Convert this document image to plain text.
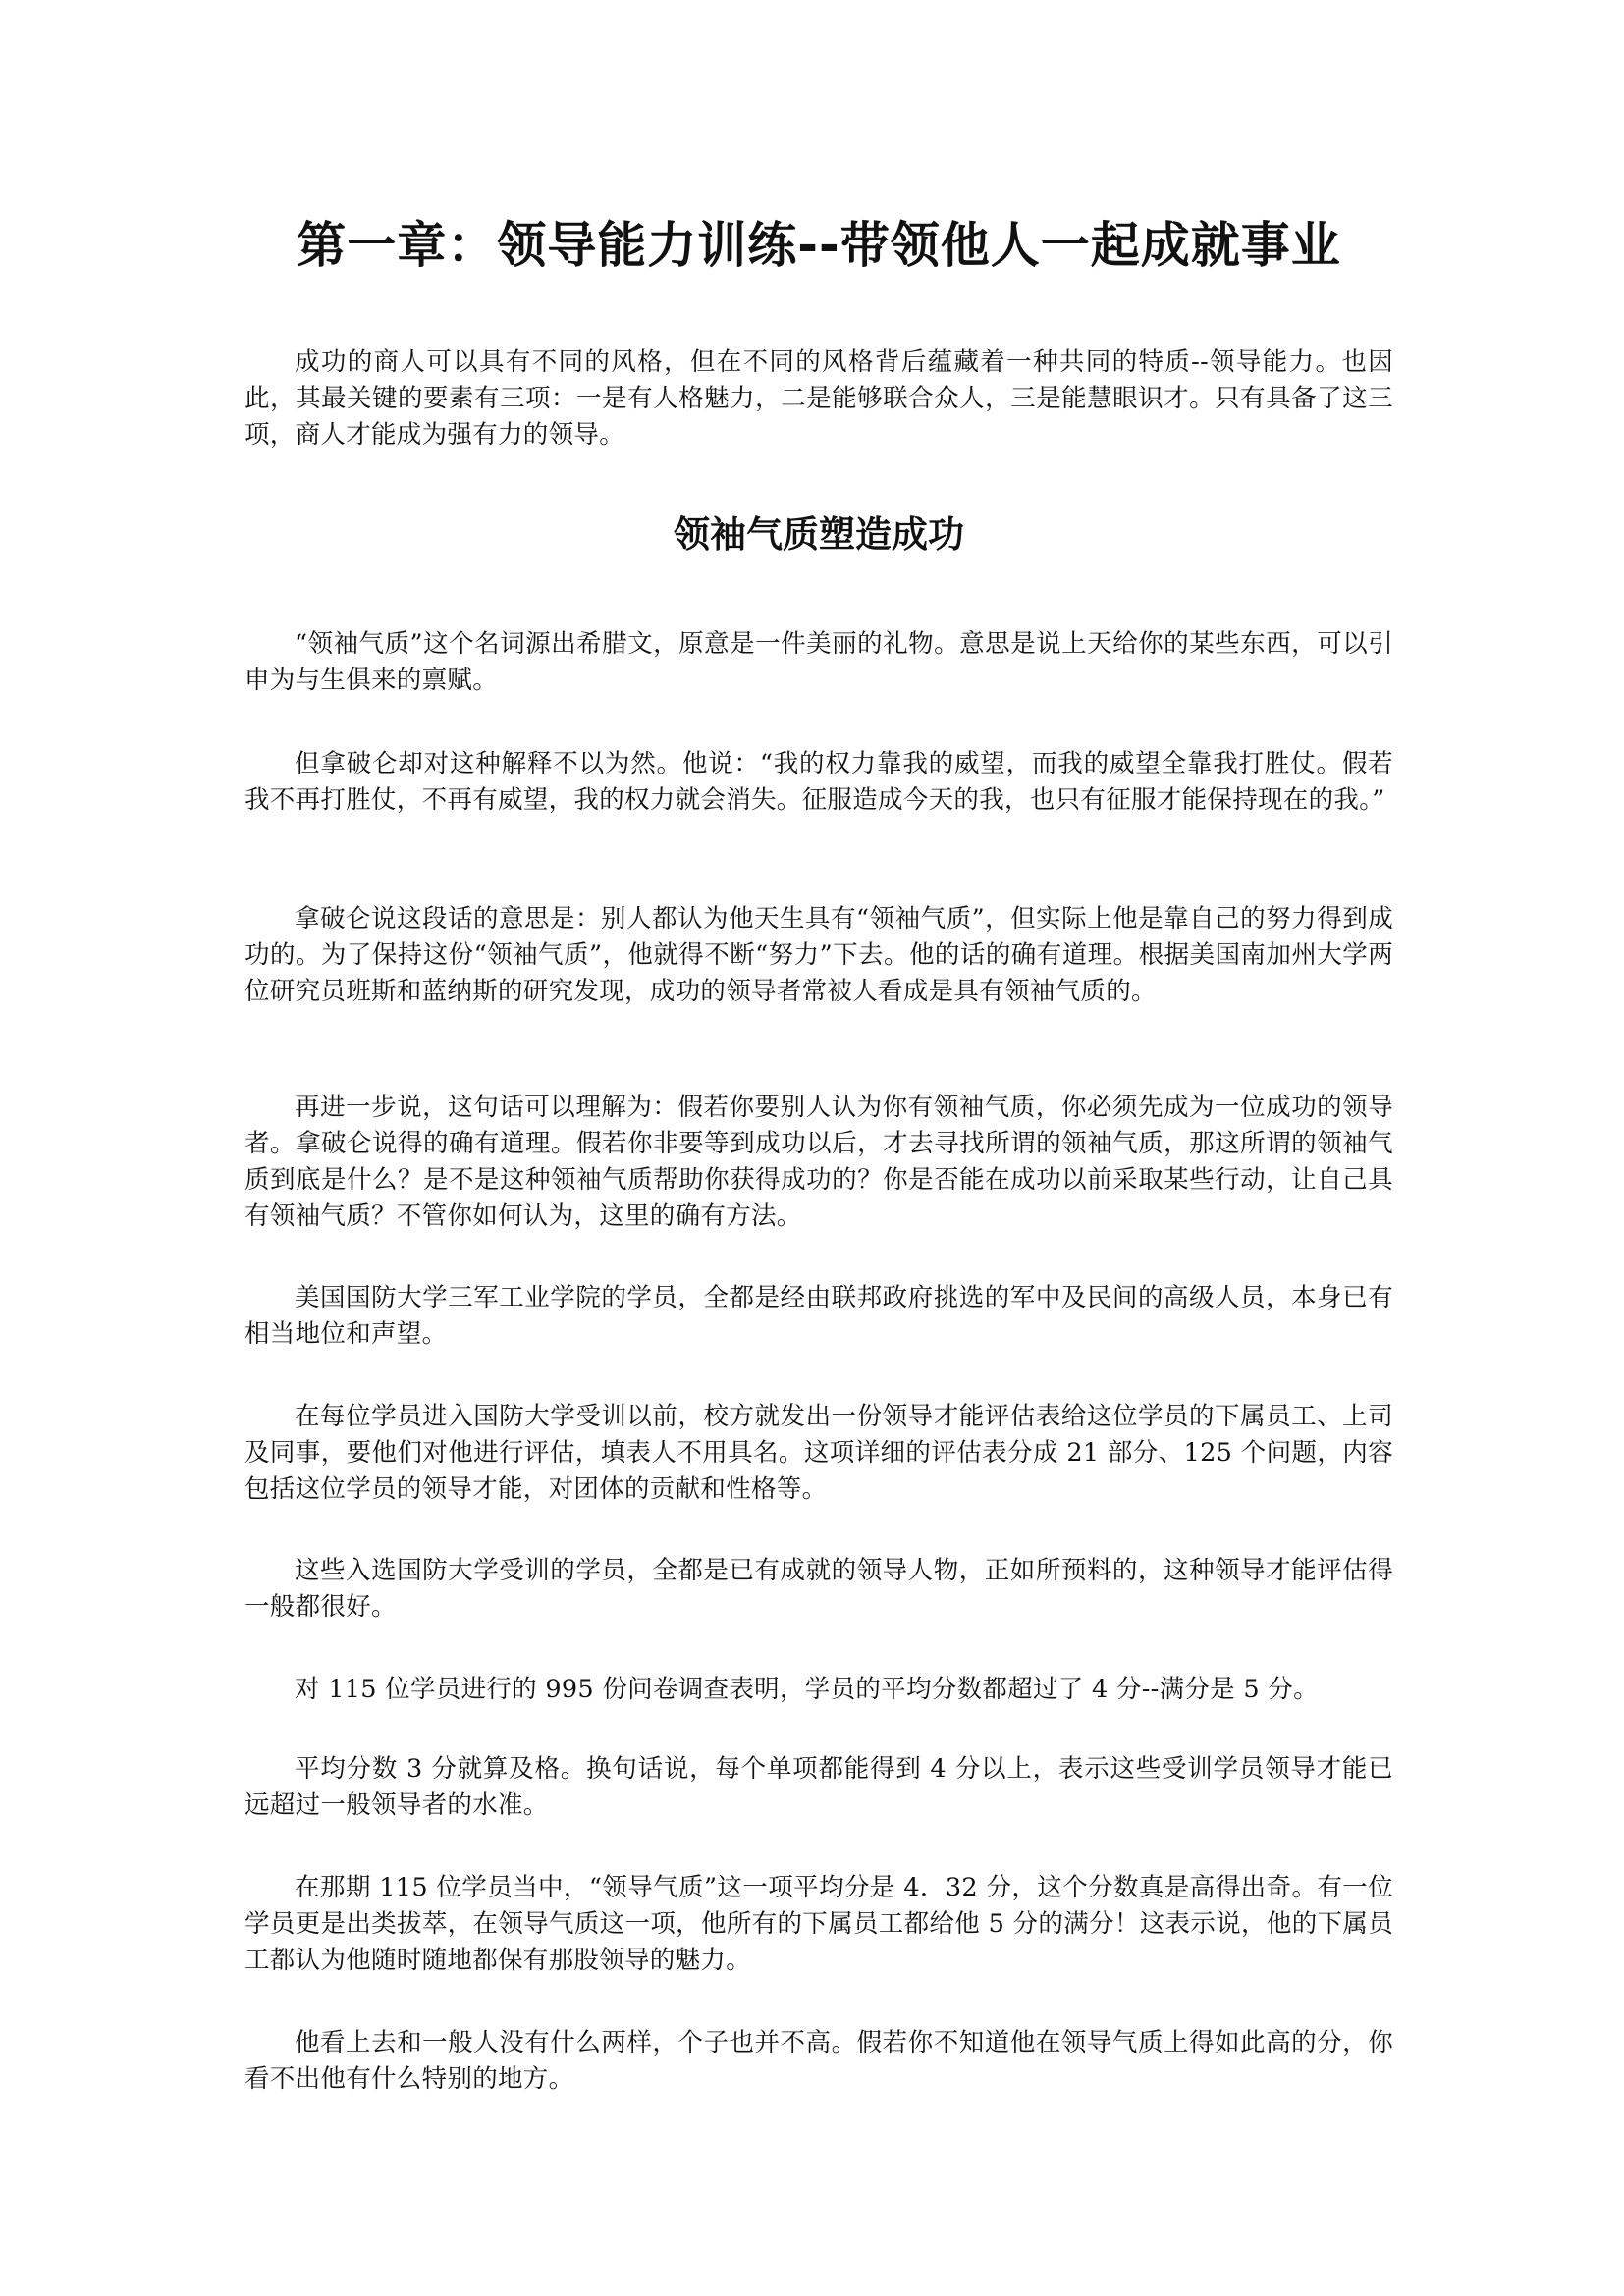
第一章：领导能力训练--带领他人一起成就事业

成功的商人可以具有不同的风格，但在不同的风格背后蕴藏着一种共同的特质--领导能力。也因此，其最关键的要素有三项：一是有人格魅力，二是能够联合众人，三是能慧眼识才。只有具备了这三项，商人才能成为强有力的领导。

领袖气质塑造成功

“领袖气质”这个名词源出希腊文，原意是一件美丽的礼物。意思是说上天给你的某些东西，可以引申为与生俱来的禀赋。

但拿破仑却对这种解释不以为然。他说：“我的权力靠我的威望，而我的威望全靠我打胜仗。假若我不再打胜仗，不再有威望，我的权力就会消失。征服造成今天的我，也只有征服才能保持现在的我。”

拿破仑说这段话的意思是：别人都认为他天生具有“领袖气质”，但实际上他是靠自己的努力得到成功的。为了保持这份“领袖气质”，他就得不断“努力”下去。他的话的确有道理。根据美国南加州大学两位研究员班斯和蓝纳斯的研究发现，成功的领导者常被人看成是具有领袖气质的。

再进一步说，这句话可以理解为：假若你要别人认为你有领袖气质，你必须先成为一位成功的领导者。拿破仑说得的确有道理。假若你非要等到成功以后，才去寻找所谓的领袖气质，那这所谓的领袖气质到底是什么？是不是这种领袖气质帮助你获得成功的？你是否能在成功以前采取某些行动，让自己具有领袖气质？不管你如何认为，这里的确有方法。

美国国防大学三军工业学院的学员，全都是经由联邦政府挑选的军中及民间的高级人员，本身已有相当地位和声望。

在每位学员进入国防大学受训以前，校方就发出一份领导才能评估表给这位学员的下属员工、上司及同事，要他们对他进行评估，填表人不用具名。这项详细的评估表分成 21 部分、125 个问题，内容包括这位学员的领导才能，对团体的贡献和性格等。

这些入选国防大学受训的学员，全都是已有成就的领导人物，正如所预料的，这种领导才能评估得一般都很好。

对 115 位学员进行的 995 份问卷调查表明，学员的平均分数都超过了 4 分--满分是 5 分。

平均分数 3 分就算及格。换句话说，每个单项都能得到 4 分以上，表示这些受训学员领导才能已远超过一般领导者的水准。

在那期 115 位学员当中，“领导气质”这一项平均分是 4．32 分，这个分数真是高得出奇。有一位学员更是出类拔萃，在领导气质这一项，他所有的下属员工都给他 5 分的满分！这表示说，他的下属员工都认为他随时随地都保有那股领导的魅力。

他看上去和一般人没有什么两样，个子也并不高。假若你不知道他在领导气质上得如此高的分，你看不出他有什么特别的地方。
